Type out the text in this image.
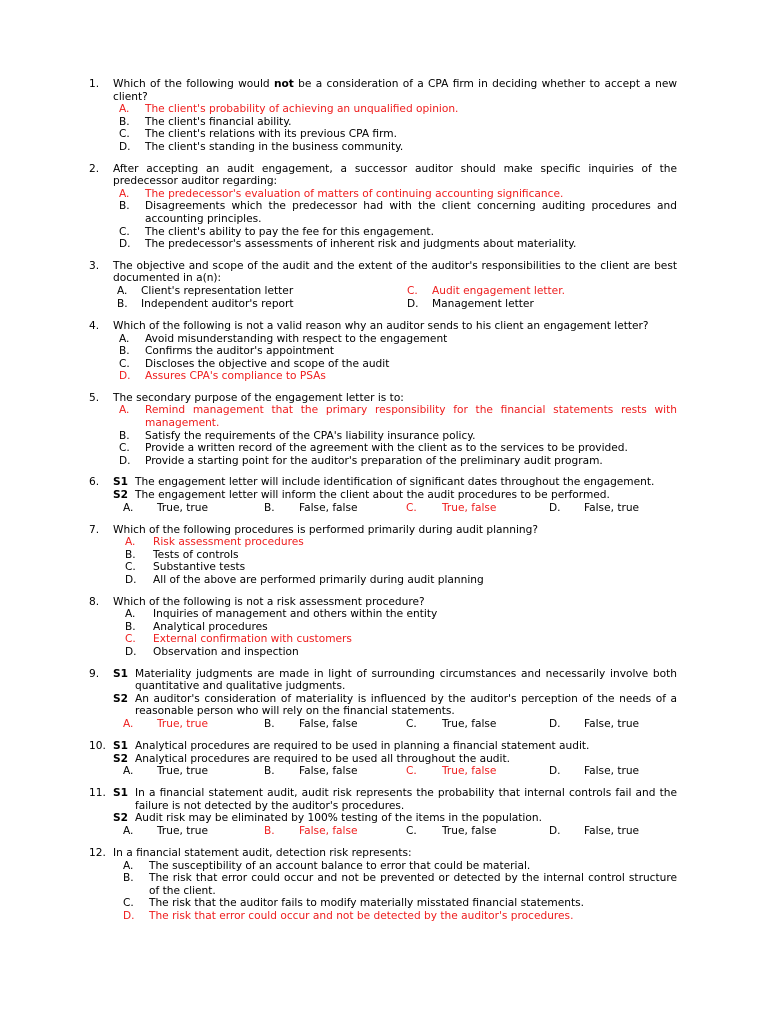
1. Which of the following would not be a consideration of a CPA firm in deciding whether to accept a new client?
A.	The client's probability of achieving an unqualified opinion.
B.	The client's financial ability.
C.	The client's relations with its previous CPA firm.
D.	The client's standing in the business community.
2. After accepting an audit engagement, a successor auditor should make specific inquiries of the predecessor auditor regarding:
A.	The predecessor's evaluation of matters of continuing accounting significance.
B.	Disagreements which the predecessor had with the client concerning auditing procedures and accounting principles.
C.	The client's ability to pay the fee for this engagement.
D.	The predecessor's assessments of inherent risk and judgments about materiality.
3. The objective and scope of the audit and the extent of the auditor's responsibilities to the client are best documented in a(n):
A. Client's representation letter	C. Audit engagement letter.
B. Independent auditor's report	D. Management letter
4. Which of the following is not a valid reason why an auditor sends to his client an engagement letter?
A.	Avoid misunderstanding with respect to the engagement
B.	Confirms the auditor's appointment
C.	Discloses the objective and scope of the audit
D.	Assures CPA's compliance to PSAs
5. The secondary purpose of the engagement letter is to:
A.	Remind management that the primary responsibility for the financial statements rests with management.
B.	Satisfy the requirements of the CPA's liability insurance policy.
C.	Provide a written record of the agreement with the client as to the services to be provided.
D.	Provide a starting point for the auditor's preparation of the preliminary audit program.
6. S1 The engagement letter will include identification of significant dates throughout the engagement.
S2 The engagement letter will inform the client about the audit procedures to be performed.
A. True, true	B. False, false	C. True, false	D. False, true
7. Which of the following procedures is performed primarily during audit planning?
A.	Risk assessment procedures
B.	Tests of controls
C.	Substantive tests
D.	All of the above are performed primarily during audit planning
8. Which of the following is not a risk assessment procedure?
A.	Inquiries of management and others within the entity
B.	Analytical procedures
C.	External confirmation with customers
D.	Observation and inspection
9. S1 Materiality judgments are made in light of surrounding circumstances and necessarily involve both quantitative and qualitative judgments.
S2 An auditor's consideration of materiality is influenced by the auditor's perception of the needs of a reasonable person who will rely on the financial statements.
A. True, true	B. False, false	C. True, false	D. False, true
10. S1 Analytical procedures are required to be used in planning a financial statement audit.
S2 Analytical procedures are required to be used all throughout the audit.
A. True, true	B. False, false	C. True, false	D. False, true
11. S1 In a financial statement audit, audit risk represents the probability that internal controls fail and the failure is not detected by the auditor's procedures.
S2 Audit risk may be eliminated by 100% testing of the items in the population.
A. True, true	B. False, false	C. True, false	D. False, true
12. In a financial statement audit, detection risk represents:
A.	The susceptibility of an account balance to error that could be material.
B.	The risk that error could occur and not be prevented or detected by the internal control structure of the client.
C.	The risk that the auditor fails to modify materially misstated financial statements.
D.	The risk that error could occur and not be detected by the auditor's procedures.
